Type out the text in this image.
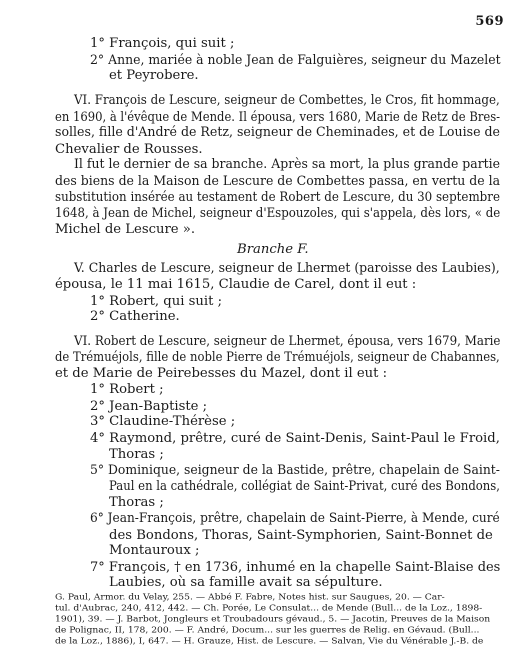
569

1° François, qui suit ;

2° Anne, mariée à noble Jean de Falguières, seigneur du Mazelet

et Peyrobere.

VI. François de Lescure, seigneur de Combettes, le Cros, fit hommage,

en 1690, à l'évêque de Mende. Il épousa, vers 1680, Marie de Retz de Bres-

solles, fille d'André de Retz, seigneur de Cheminades, et de Louise de

Chevalier de Rousses.

Il fut le dernier de sa branche. Après sa mort, la plus grande partie

des biens de la Maison de Lescure de Combettes passa, en vertu de la

substitution insérée au testament de Robert de Lescure, du 30 septembre

1648, à Jean de Michel, seigneur d'Espouzoles, qui s'appela, dès lors, « de

Michel de Lescure ».

Branche F.

V. Charles de Lescure, seigneur de Lhermet (paroisse des Laubies),

épousa, le 11 mai 1615, Claudie de Carel, dont il eut :

1° Robert, qui suit ;

2° Catherine.

VI. Robert de Lescure, seigneur de Lhermet, épousa, vers 1679, Marie

de Trémuéjols, fille de noble Pierre de Trémuéjols, seigneur de Chabannes,

et de Marie de Peirebesses du Mazel, dont il eut :

1° Robert ;

2° Jean-Baptiste ;

3° Claudine-Thérèse ;

4° Raymond, prêtre, curé de Saint-Denis, Saint-Paul le Froid,

Thoras ;

5° Dominique, seigneur de la Bastide, prêtre, chapelain de Saint-

Paul en la cathédrale, collégiat de Saint-Privat, curé des Bondons,

Thoras ;

6° Jean-François, prêtre, chapelain de Saint-Pierre, à Mende, curé

des Bondons, Thoras, Saint-Symphorien, Saint-Bonnet de

Montauroux ;

7° François, † en 1736, inhumé en la chapelle Saint-Blaise des

Laubies, où sa famille avait sa sépulture.

G. Paul, Armor. du Velay, 255. — Abbé F. Fabre, Notes hist. sur Saugues, 20. — Car-

tul. d'Aubrac, 240, 412, 442. — Ch. Porée, Le Consulat... de Mende (Bull... de la Loz., 1898-

1901), 39. — J. Barbot, Jongleurs et Troubadours gévaud., 5. — Jacotin, Preuves de la Maison

de Polignac, II, 178, 200. — F. André, Docum... sur les guerres de Relig. en Gévaud. (Bull...

de la Loz., 1886), I, 647. — H. Grauze, Hist. de Lescure. — Salvan, Vie du Vénérable J.-B. de
